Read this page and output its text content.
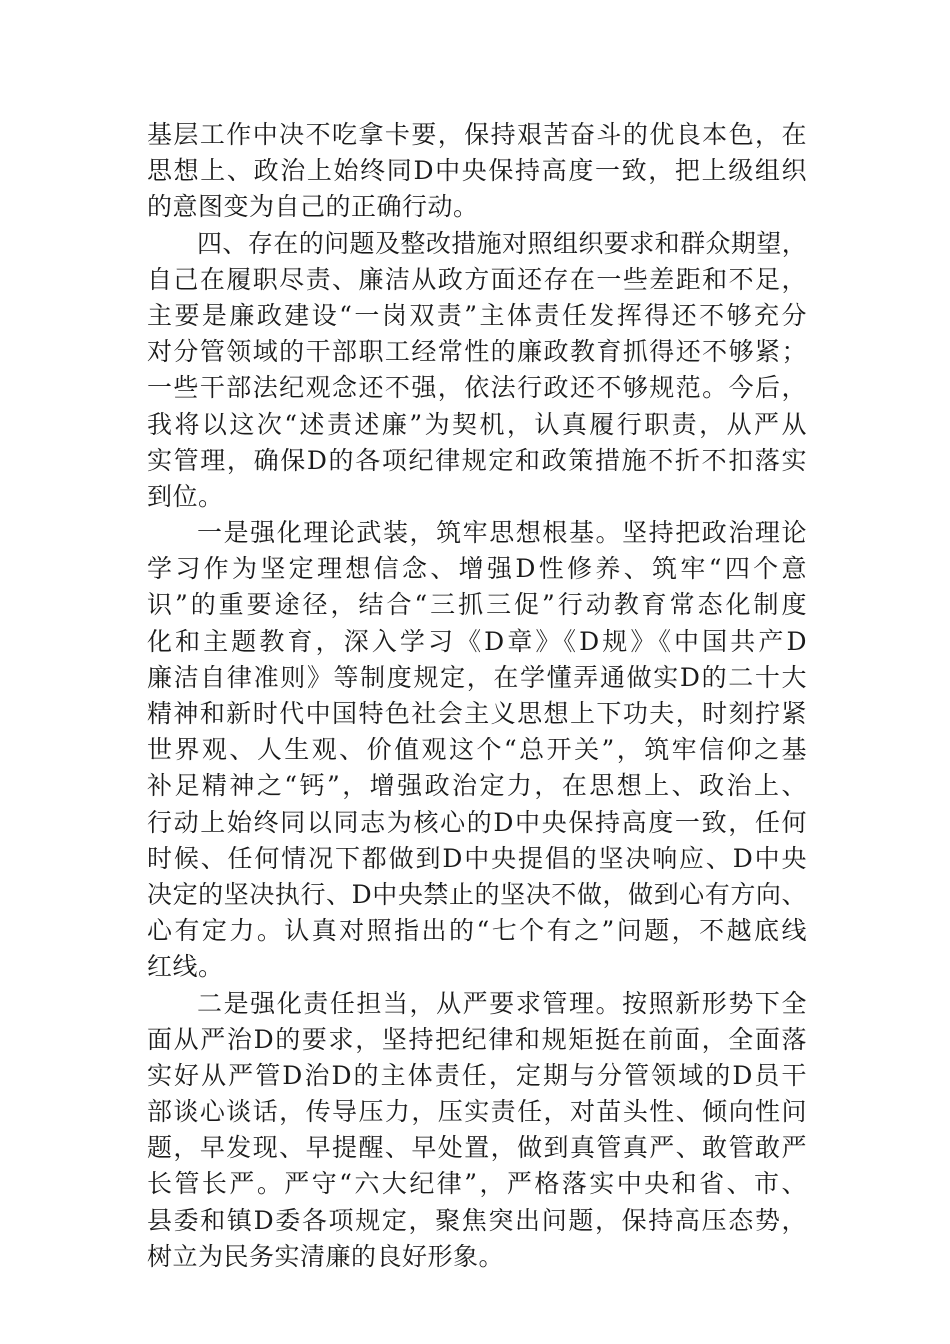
基层工作中决不吃拿卡要，保持艰苦奋斗的优良本色，在
思想上、政治上始终同D中央保持高度一致，把上级组织
的意图变为自己的正确行动。
四、存在的问题及整改措施对照组织要求和群众期望，
自己在履职尽责、廉洁从政方面还存在一些差距和不足，
主要是廉政建设“一岗双责”主体责任发挥得还不够充分
对分管领域的干部职工经常性的廉政教育抓得还不够紧；
一些干部法纪观念还不强，依法行政还不够规范。今后，
我将以这次“述责述廉”为契机，认真履行职责，从严从
实管理，确保D的各项纪律规定和政策措施不折不扣落实
到位。
一是强化理论武装，筑牢思想根基。坚持把政治理论
学习作为坚定理想信念、增强D性修养、筑牢“四个意
识”的重要途径，结合“三抓三促”行动教育常态化制度
化和主题教育，深入学习《D章》《D规》《中国共产D
廉洁自律准则》等制度规定，在学懂弄通做实D的二十大
精神和新时代中国特色社会主义思想上下功夫，时刻拧紧
世界观、人生观、价值观这个“总开关”，筑牢信仰之基
补足精神之“钙”，增强政治定力，在思想上、政治上、
行动上始终同以同志为核心的D中央保持高度一致，任何
时候、任何情况下都做到D中央提倡的坚决响应、D中央
决定的坚决执行、D中央禁止的坚决不做，做到心有方向、
心有定力。认真对照指出的“七个有之”问题，不越底线
红线。
二是强化责任担当，从严要求管理。按照新形势下全
面从严治D的要求，坚持把纪律和规矩挺在前面，全面落
实好从严管D治D的主体责任，定期与分管领域的D员干
部谈心谈话，传导压力，压实责任，对苗头性、倾向性问
题，早发现、早提醒、早处置，做到真管真严、敢管敢严
长管长严。严守“六大纪律”，严格落实中央和省、市、
县委和镇D委各项规定，聚焦突出问题，保持高压态势，
树立为民务实清廉的良好形象。
